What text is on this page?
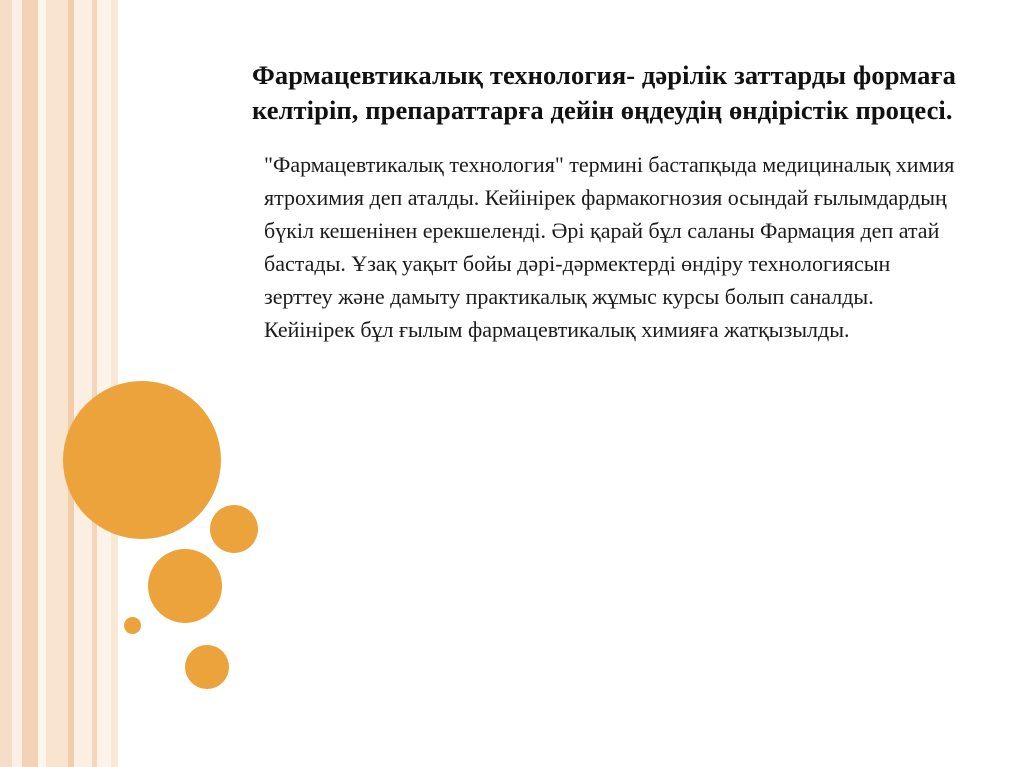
Фармацевтикалық технология- дәрілік заттарды формаға келтіріп, препараттарға дейін өңдеудің өндірістік процесі.

"Фармацевтикалық технология" термині бастапқыда медициналық химия ятрохимия деп аталды. Кейінірек фармакогнозия осындай ғылымдардың бүкіл кешенінен ерекшеленді. Әрі қарай бұл саланы Фармация деп атай бастады. Ұзақ уақыт бойы дәрі-дәрмектерді өндіру технологиясын зерттеу және дамыту практикалық жұмыс курсы болып саналды. Кейінірек бұл ғылым фармацевтикалық химияға жатқызылды.
